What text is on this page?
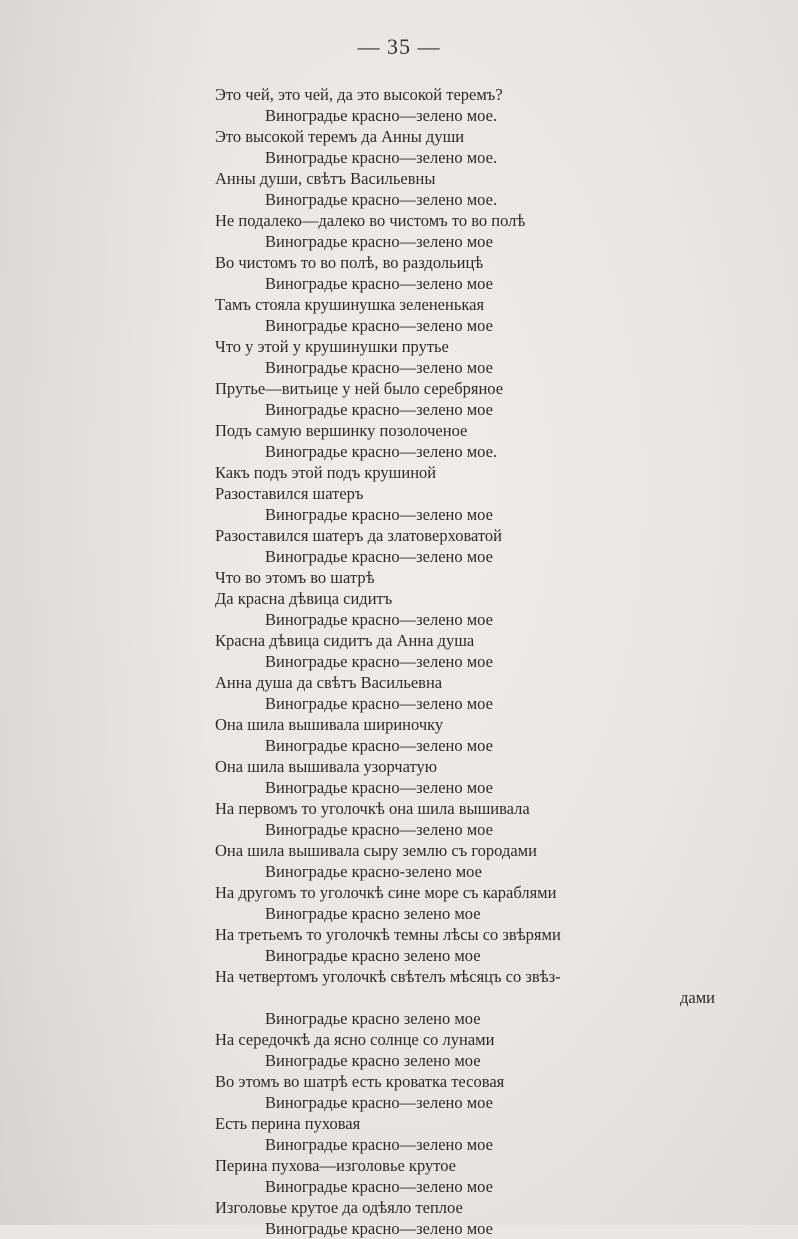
— 35 —
Это чей, это чей, да это высокой теремъ?
Виноградье красно—зелено мое.
Это высокой теремъ да Анны души
Виноградье красно—зелено мое.
Анны души, свѣтъ Васильевны
Виноградье красно—зелено мое.
Не подалеко—далеко во чистомъ то во полѣ
Виноградье красно—зелено мое
Во чистомъ то во полѣ, во раздольицѣ
Виноградье красно—зелено мое
Тамъ стояла крушинушка зелененькая
Виноградье красно—зелено мое
Что у этой у крушинушки прутье
Виноградье красно—зелено мое
Прутье—витьице у ней было серебряное
Виноградье красно—зелено мое
Подъ самую вершинку позолоченое
Виноградье красно—зелено мое.
Какъ подъ этой подъ крушиной
Разоставился шатеръ
Виноградье красно—зелено мое
Разоставился шатеръ да златоверховатой
Виноградье красно—зелено мое
Что во этомъ во шатрѣ
Да красна дѣвица сидитъ
Виноградье красно—зелено мое
Красна дѣвица сидитъ да Анна душа
Виноградье красно—зелено мое
Анна душа да свѣтъ Васильевна
Виноградье красно—зелено мое
Она шила вышивала шириночку
Виноградье красно—зелено мое
Она шила вышивала узорчатую
Виноградье красно—зелено мое
На первомъ то уголочкѣ она шила вышивала
Виноградье красно—зелено мое
Она шила вышивала сыру землю съ городами
Виноградье красно-зелено мое
На другомъ то уголочкѣ сине море съ караблями
Виноградье красно зелено мое
На третьемъ то уголочкѣ темны лѣсы со звѣрями
Виноградье красно зелено мое
На четвертомъ уголочкѣ свѣтелъ мѣсяцъ со звѣз-
дами
Виноградье красно зелено мое
На середочкѣ да ясно солнце со лунами
Виноградье красно зелено мое
Во этомъ во шатрѣ есть кроватка тесовая
Виноградье красно—зелено мое
Есть перина пуховая
Виноградье красно—зелено мое
Перина пухова—изголовье крутое
Виноградье красно—зелено мое
Изголовье крутое да одѣяло теплое
Виноградье красно—зелено мое
